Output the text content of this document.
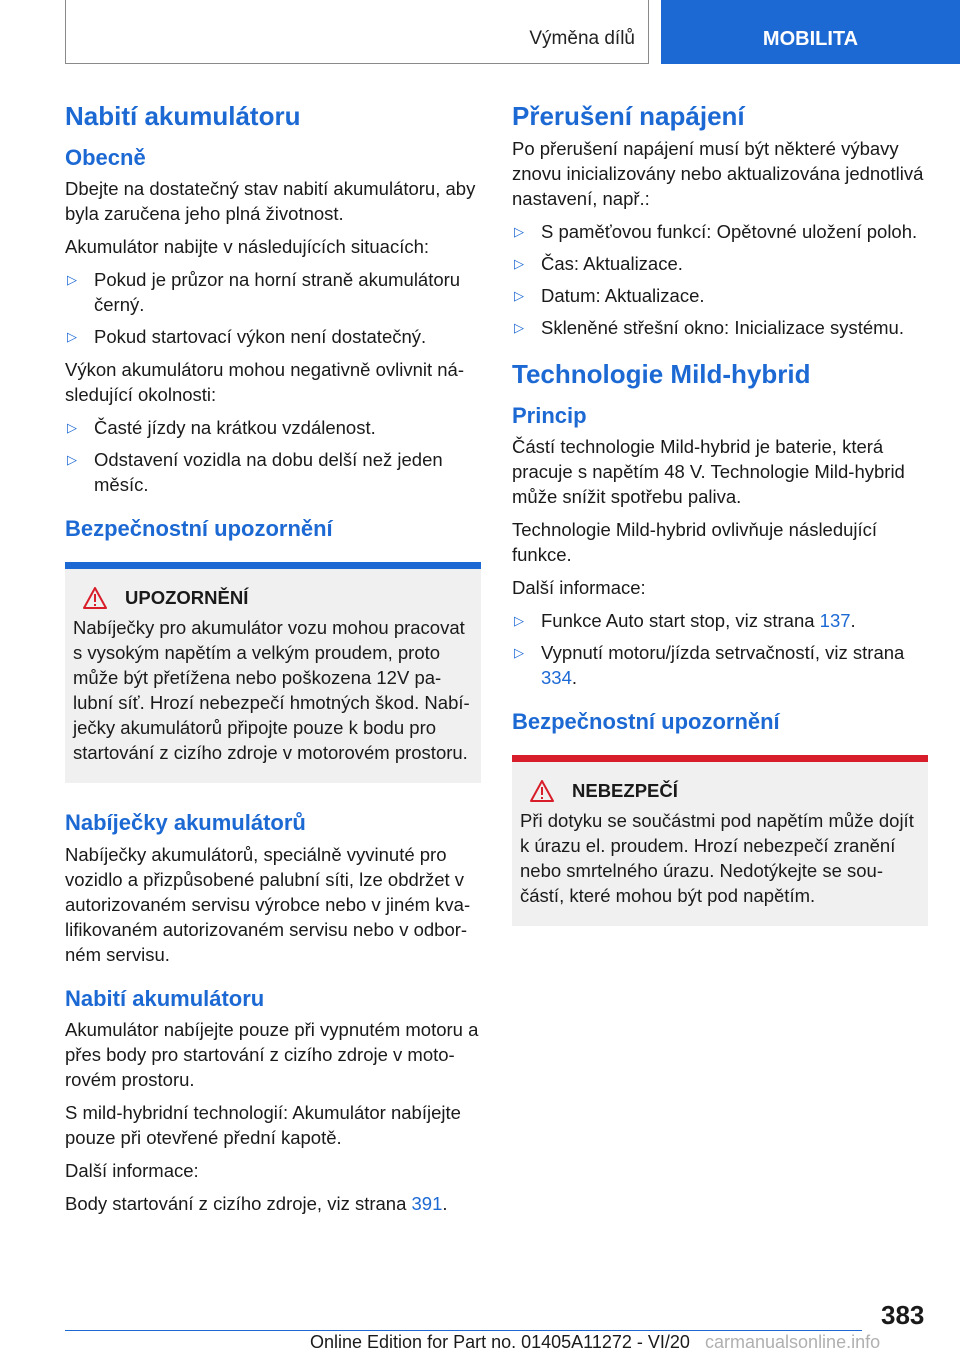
Výměna dílů	MOBILITA
Nabití akumulátoru
Obecně

Dbejte na dostatečný stav nabití akumulátoru, aby byla zaručena jeho plná životnost.

Akumulátor nabijte v následujících situacích:

▷ Pokud je průzor na horní straně akumulátoru černý.
▷ Pokud startovací výkon není dostatečný.

Výkon akumulátoru mohou negativně ovlivnit následující okolnosti:

▷ Časté jízdy na krátkou vzdálenost.
▷ Odstavení vozidla na dobu delší než jeden měsíc.
Bezpečnostní upozornění
UPOZORNĚNÍ

Nabíječky pro akumulátor vozu mohou pracovat s vysokým napětím a velkým proudem, proto může být přetížena nebo poškozena 12V palubní síť. Hrozí nebezpečí hmotných škod. Nabíječky akumulátorů připojte pouze k bodu pro startování z cizího zdroje v motorovém prostoru.

Nabíječky akumulátorů

Nabíječky akumulátorů, speciálně vyvinuté pro vozidlo a přizpůsobené palubní síti, lze obdržet v autorizovaném servisu výrobce nebo v jiném kvalifikovaném autorizovaném servisu nebo v odborném servisu.

Nabití akumulátoru

Akumulátor nabíjejte pouze při vypnutém motoru a přes body pro startování z cizího zdroje v motorovém prostoru.

S mild-hybridní technologií: Akumulátor nabíjejte pouze při otevřené přední kapotě.

Další informace:

Body startování z cizího zdroje, viz strana 391.

Přerušení napájení

Po přerušení napájení musí být některé výbavy znovu inicializovány nebo aktualizována jednotlivá nastavení, např.:

▷ S paměťovou funkcí: Opětovné uložení poloh.
▷ Čas: Aktualizace.
▷ Datum: Aktualizace.
▷ Skleněné střešní okno: Inicializace systému.
Technologie Mild-hybrid
Princip

Částí technologie Mild-hybrid je baterie, která pracuje s napětím 48 V. Technologie Mild-hybrid může snížit spotřebu paliva.

Technologie Mild-hybrid ovlivňuje následující funkce.

Další informace:

▷ Funkce Auto start stop, viz strana 137.
▷ Vypnutí motoru/jízda setrvačností, viz strana 334.
Bezpečnostní upozornění
NEBEZPEČÍ

Při dotyku se součástmi pod napětím může dojít k úrazu el. proudem. Hrozí nebezpečí zranění nebo smrtelného úrazu. Nedotýkejte se součástí, které mohou být pod napětím.

383
Online Edition for Part no. 01405A11272 - VI/20 carmanualsonline.info
